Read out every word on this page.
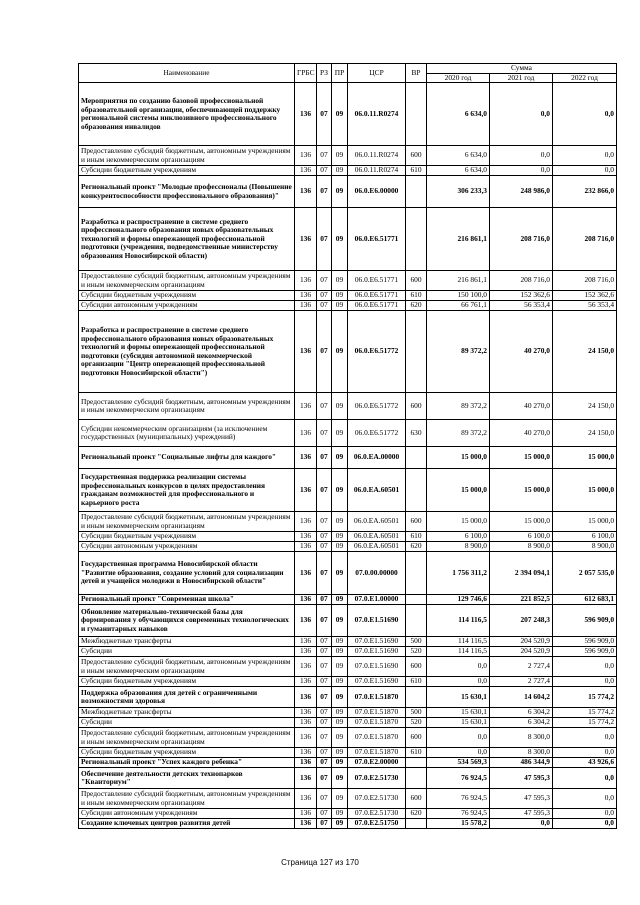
Наименование	ГРБС	РЗ	ПР	ЦСР	ВР	Сумма		
						2020 год	2021 год	2022 год
Мероприятия по созданию базовой профессиональной образовательной организации, обеспечивающей поддержку региональной системы инклюзивного профессионального образования инвалидов	136	07	09	06.0.11.R0274		6 634,0	0,0	0,0
Предоставление субсидий бюджетным, автономным учреждениям и иным некоммерческим организациям	136	07	09	06.0.11.R0274	600	6 634,0	0,0	0,0
Субсидии бюджетным учреждениям	136	07	09	06.0.11.R0274	610	6 634,0	0,0	0,0
Региональный проект "Молодые профессионалы (Повышение конкурентоспособности профессионального образования)"	136	07	09	06.0.E6.00000		306 233,3	248 986,0	232 866,0
Разработка и распространение в системе среднего профессионального образования новых образовательных технологий и формы опережающей профессиональной подготовки (учреждения, подведомственные министерству образования Новосибирской области)	136	07	09	06.0.E6.51771		216 861,1	208 716,0	208 716,0
Предоставление субсидий бюджетным, автономным учреждениям и иным некоммерческим организациям	136	07	09	06.0.E6.51771	600	216 861,1	208 716,0	208 716,0
Субсидии бюджетным учреждениям	136	07	09	06.0.E6.51771	610	150 100,0	152 362,6	152 362,6
Субсидии автономным учреждениям	136	07	09	06.0.E6.51771	620	66 761,1	56 353,4	56 353,4
Разработка и распространение в системе среднего профессионального образования новых образовательных технологий и формы опережающей профессиональной подготовки (субсидия автономной некоммерческой организации "Центр опережающей профессиональной подготовки Новосибирской области")	136	07	09	06.0.E6.51772		89 372,2	40 270,0	24 150,0
Предоставление субсидий бюджетным, автономным учреждениям и иным некоммерческим организациям	136	07	09	06.0.E6.51772	600	89 372,2	40 270,0	24 150,0
Субсидии некоммерческим организациям (за исключением государственных (муниципальных) учреждений)	136	07	09	06.0.E6.51772	630	89 372,2	40 270,0	24 150,0
Региональный проект "Социальные лифты для каждого"	136	07	09	06.0.EA.00000		15 000,0	15 000,0	15 000,0
Государственная поддержка реализации системы профессиональных конкурсов в целях предоставления гражданам возможностей для профессионального и карьерного роста	136	07	09	06.0.EA.60501		15 000,0	15 000,0	15 000,0
Предоставление субсидий бюджетным, автономным учреждениям и иным некоммерческим организациям	136	07	09	06.0.EA.60501	600	15 000,0	15 000,0	15 000,0
Субсидии бюджетным учреждениям	136	07	09	06.0.EA.60501	610	6 100,0	6 100,0	6 100,0
Субсидии автономным учреждениям	136	07	09	06.0.EA.60501	620	8 900,0	8 900,0	8 900,0
Государственная программа Новосибирской области "Развитие образования, создание условий для социализации детей и учащейся молодежи в Новосибирской области"	136	07	09	07.0.00.00000		1 756 311,2	2 394 094,1	2 057 535,0
Региональный проект "Современная школа"	136	07	09	07.0.E1.00000		129 746,6	221 852,5	612 683,1
Обновление материально-технической базы для формирования у обучающихся современных технологических и гуманитарных навыков	136	07	09	07.0.E1.51690		114 116,5	207 248,3	596 909,0
Межбюджетные трансферты	136	07	09	07.0.E1.51690	500	114 116,5	204 520,9	596 909,0
Субсидии	136	07	09	07.0.E1.51690	520	114 116,5	204 520,9	596 909,0
Предоставление субсидий бюджетным, автономным учреждениям и иным некоммерческим организациям	136	07	09	07.0.E1.51690	600	0,0	2 727,4	0,0
Субсидии бюджетным учреждениям	136	07	09	07.0.E1.51690	610	0,0	2 727,4	0,0
Поддержка образования для детей с ограниченными возможностями здоровья	136	07	09	07.0.E1.51870		15 630,1	14 604,2	15 774,2
Межбюджетные трансферты	136	07	09	07.0.E1.51870	500	15 630,1	6 304,2	15 774,2
Субсидии	136	07	09	07.0.E1.51870	520	15 630,1	6 304,2	15 774,2
Предоставление субсидий бюджетным, автономным учреждениям и иным некоммерческим организациям	136	07	09	07.0.E1.51870	600	0,0	8 300,0	0,0
Субсидии бюджетным учреждениям	136	07	09	07.0.E1.51870	610	0,0	8 300,0	0,0
Региональный проект "Успех каждого ребенка"	136	07	09	07.0.E2.00000		534 569,3	486 344,9	43 926,6
Обеспечение деятельности детских технопарков "Кванториум"	136	07	09	07.0.E2.51730		76 924,5	47 595,3	0,0
Предоставление субсидий бюджетным, автономным учреждениям и иным некоммерческим организациям	136	07	09	07.0.E2.51730	600	76 924,5	47 595,3	0,0
Субсидии автономным учреждениям	136	07	09	07.0.E2.51730	620	76 924,5	47 595,3	0,0
Создание ключевых центров развития детей	136	07	09	07.0.E2.51750		15 578,2	0,0	0,0
Страница 127 из 170
